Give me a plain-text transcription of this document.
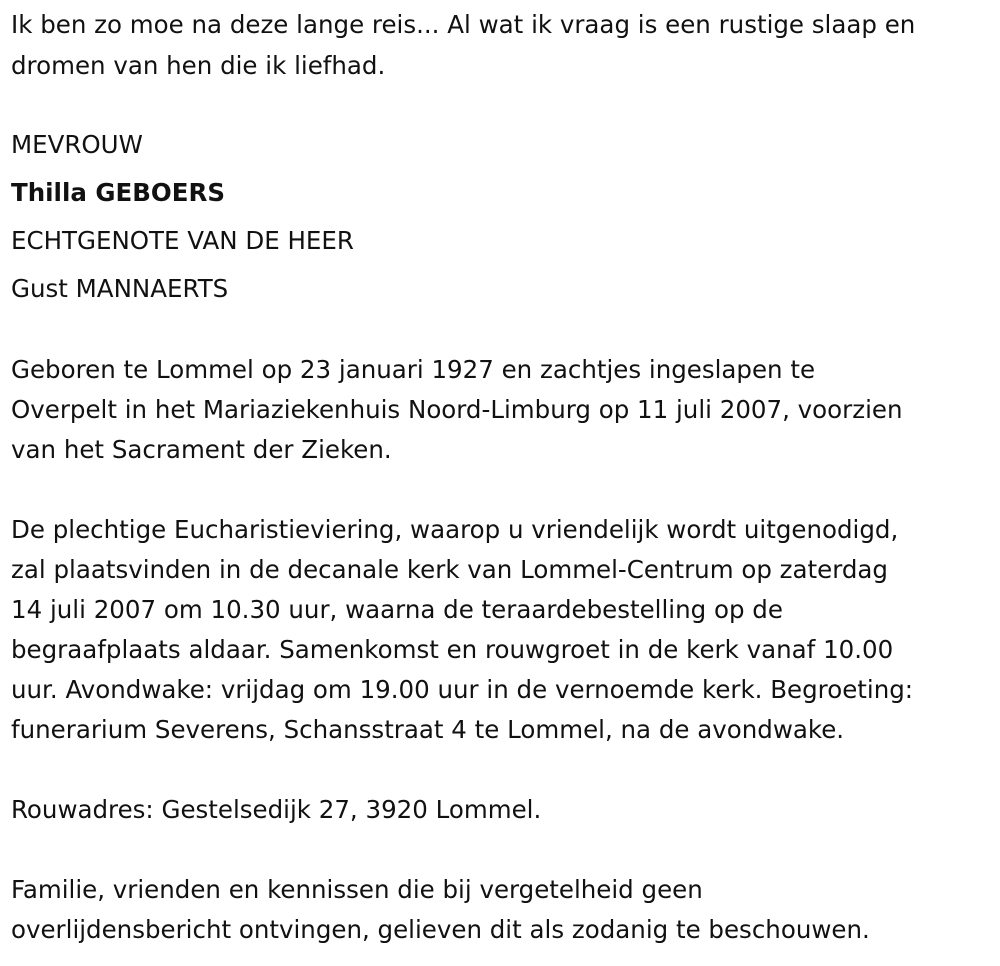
Ik ben zo moe na deze lange reis... Al wat ik vraag is een rustige slaap en

dromen van hen die ik liefhad.

MEVROUW

Thilla GEBOERS

ECHTGENOTE VAN DE HEER

Gust MANNAERTS

Geboren te Lommel op 23 januari 1927 en zachtjes ingeslapen te

Overpelt in het Mariaziekenhuis Noord-Limburg op 11 juli 2007, voorzien

van het Sacrament der Zieken.

De plechtige Eucharistieviering, waarop u vriendelijk wordt uitgenodigd,

zal plaatsvinden in de decanale kerk van Lommel-Centrum op zaterdag

14 juli 2007 om 10.30 uur, waarna de teraardebestelling op de

begraafplaats aldaar. Samenkomst en rouwgroet in de kerk vanaf 10.00

uur. Avondwake: vrijdag om 19.00 uur in de vernoemde kerk. Begroeting:

funerarium Severens, Schansstraat 4 te Lommel, na de avondwake.

Rouwadres: Gestelsedijk 27, 3920 Lommel.

Familie, vrienden en kennissen die bij vergetelheid geen

overlijdensbericht ontvingen, gelieven dit als zodanig te beschouwen.
